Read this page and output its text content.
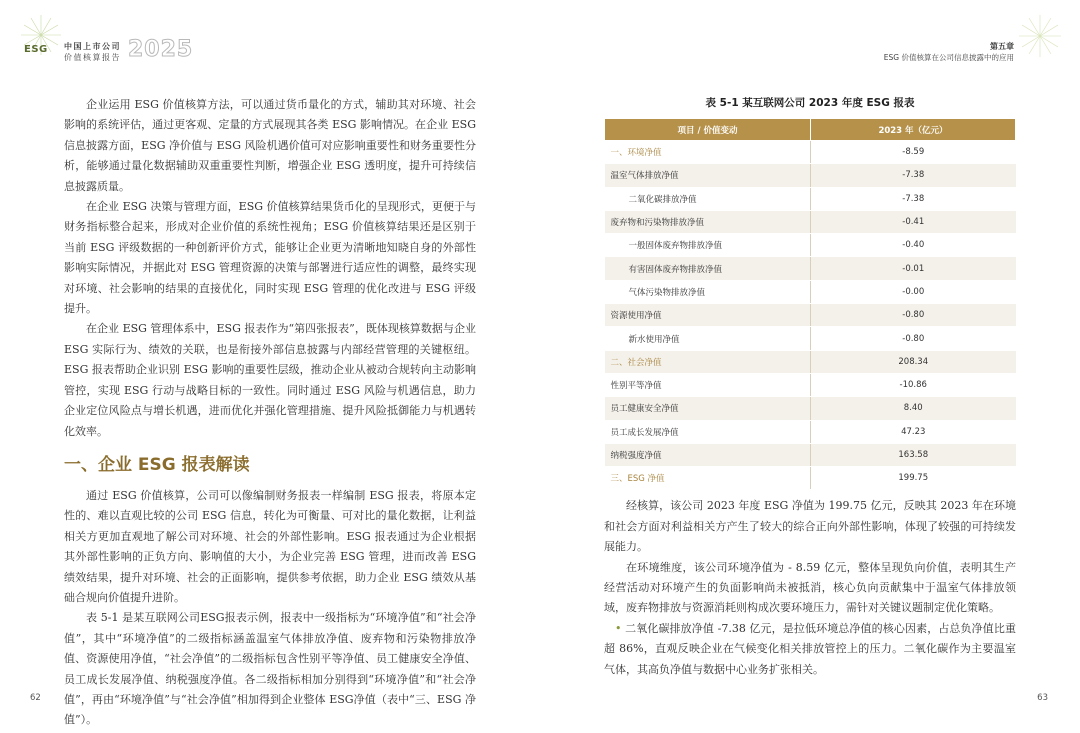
ESG 中国上市公司
价值核算报告 2025	第五章
ESG 价值核算在公司信息披露中的应用

企业运用 ESG 价值核算方法，可以通过货币量化的方式，辅助其对环境、社会影响的系统评估，通过更客观、定量的方式展现其各类 ESG 影响情况。在企业 ESG 信息披露方面，ESG 净价值与 ESG 风险机遇价值可对应影响重要性和财务重要性分析，能够通过量化数据辅助双重重要性判断，增强企业 ESG 透明度，提升可持续信息披露质量。

在企业 ESG 决策与管理方面，ESG 价值核算结果货币化的呈现形式，更便于与财务指标整合起来，形成对企业价值的系统性视角；ESG 价值核算结果还是区别于当前 ESG 评级数据的一种创新评价方式，能够让企业更为清晰地知晓自身的外部性影响实际情况，并据此对 ESG 管理资源的决策与部署进行适应性的调整，最终实现对环境、社会影响的结果的直接优化，同时实现 ESG 管理的优化改进与 ESG 评级提升。

在企业 ESG 管理体系中，ESG 报表作为“第四张报表”，既体现核算数据与企业 ESG 实际行为、绩效的关联，也是衔接外部信息披露与内部经营管理的关键枢纽。ESG 报表帮助企业识别 ESG 影响的重要性层级，推动企业从被动合规转向主动影响管控，实现 ESG 行动与战略目标的一致性。同时通过 ESG 风险与机遇信息，助力企业定位风险点与增长机遇，进而优化并强化管理措施、提升风险抵御能力与机遇转化效率。

一、企业 ESG 报表解读

通过 ESG 价值核算，公司可以像编制财务报表一样编制 ESG 报表，将原本定性的、难以直观比较的公司 ESG 信息，转化为可衡量、可对比的量化数据，让利益相关方更加直观地了解公司对环境、社会的外部性影响。ESG 报表通过为企业根据其外部性影响的正负方向、影响值的大小，为企业完善 ESG 管理，进而改善 ESG 绩效结果，提升对环境、社会的正面影响，提供参考依据，助力企业 ESG 绩效从基础合规向价值提升进阶。

表 5-1 是某互联网公司ESG报表示例，报表中一级指标为“环境净值”和“社会净值”，其中“环境净值”的二级指标涵盖温室气体排放净值、废弃物和污染物排放净值、资源使用净值，“社会净值”的二级指标包含性别平等净值、员工健康安全净值、员工成长发展净值、纳税强度净值。各二级指标相加分别得到“环境净值”和“社会净值”，再由“环境净值”与“社会净值”相加得到企业整体 ESG净值（表中“三、ESG 净值”）。

表 5-1 某互联网公司 2023 年度 ESG 报表
项目 / 价值变动	2023 年（亿元）
一、环境净值	-8.59
温室气体排放净值	-7.38
二氧化碳排放净值	-7.38
废弃物和污染物排放净值	-0.41
一般固体废弃物排放净值	-0.40
有害固体废弃物排放净值	-0.01
气体污染物排放净值	-0.00
资源使用净值	-0.80
新水使用净值	-0.80
二、社会净值	208.34
性别平等净值	-10.86
员工健康安全净值	8.40
员工成长发展净值	47.23
纳税强度净值	163.58
三、ESG 净值	199.75

经核算，该公司 2023 年度 ESG 净值为 199.75 亿元，反映其 2023 年在环境和社会方面对利益相关方产生了较大的综合正向外部性影响，体现了较强的可持续发展能力。

在环境维度，该公司环境净值为 - 8.59 亿元，整体呈现负向价值，表明其生产经营活动对环境产生的负面影响尚未被抵消，核心负向贡献集中于温室气体排放领域，废弃物排放与资源消耗则构成次要环境压力，需针对关键议题制定优化策略。

• 二氧化碳排放净值 -7.38 亿元，是拉低环境总净值的核心因素，占总负净值比重超 86%，直观反映企业在气候变化相关排放管控上的压力。二氧化碳作为主要温室气体，其高负净值与数据中心业务扩张相关。

62	63
